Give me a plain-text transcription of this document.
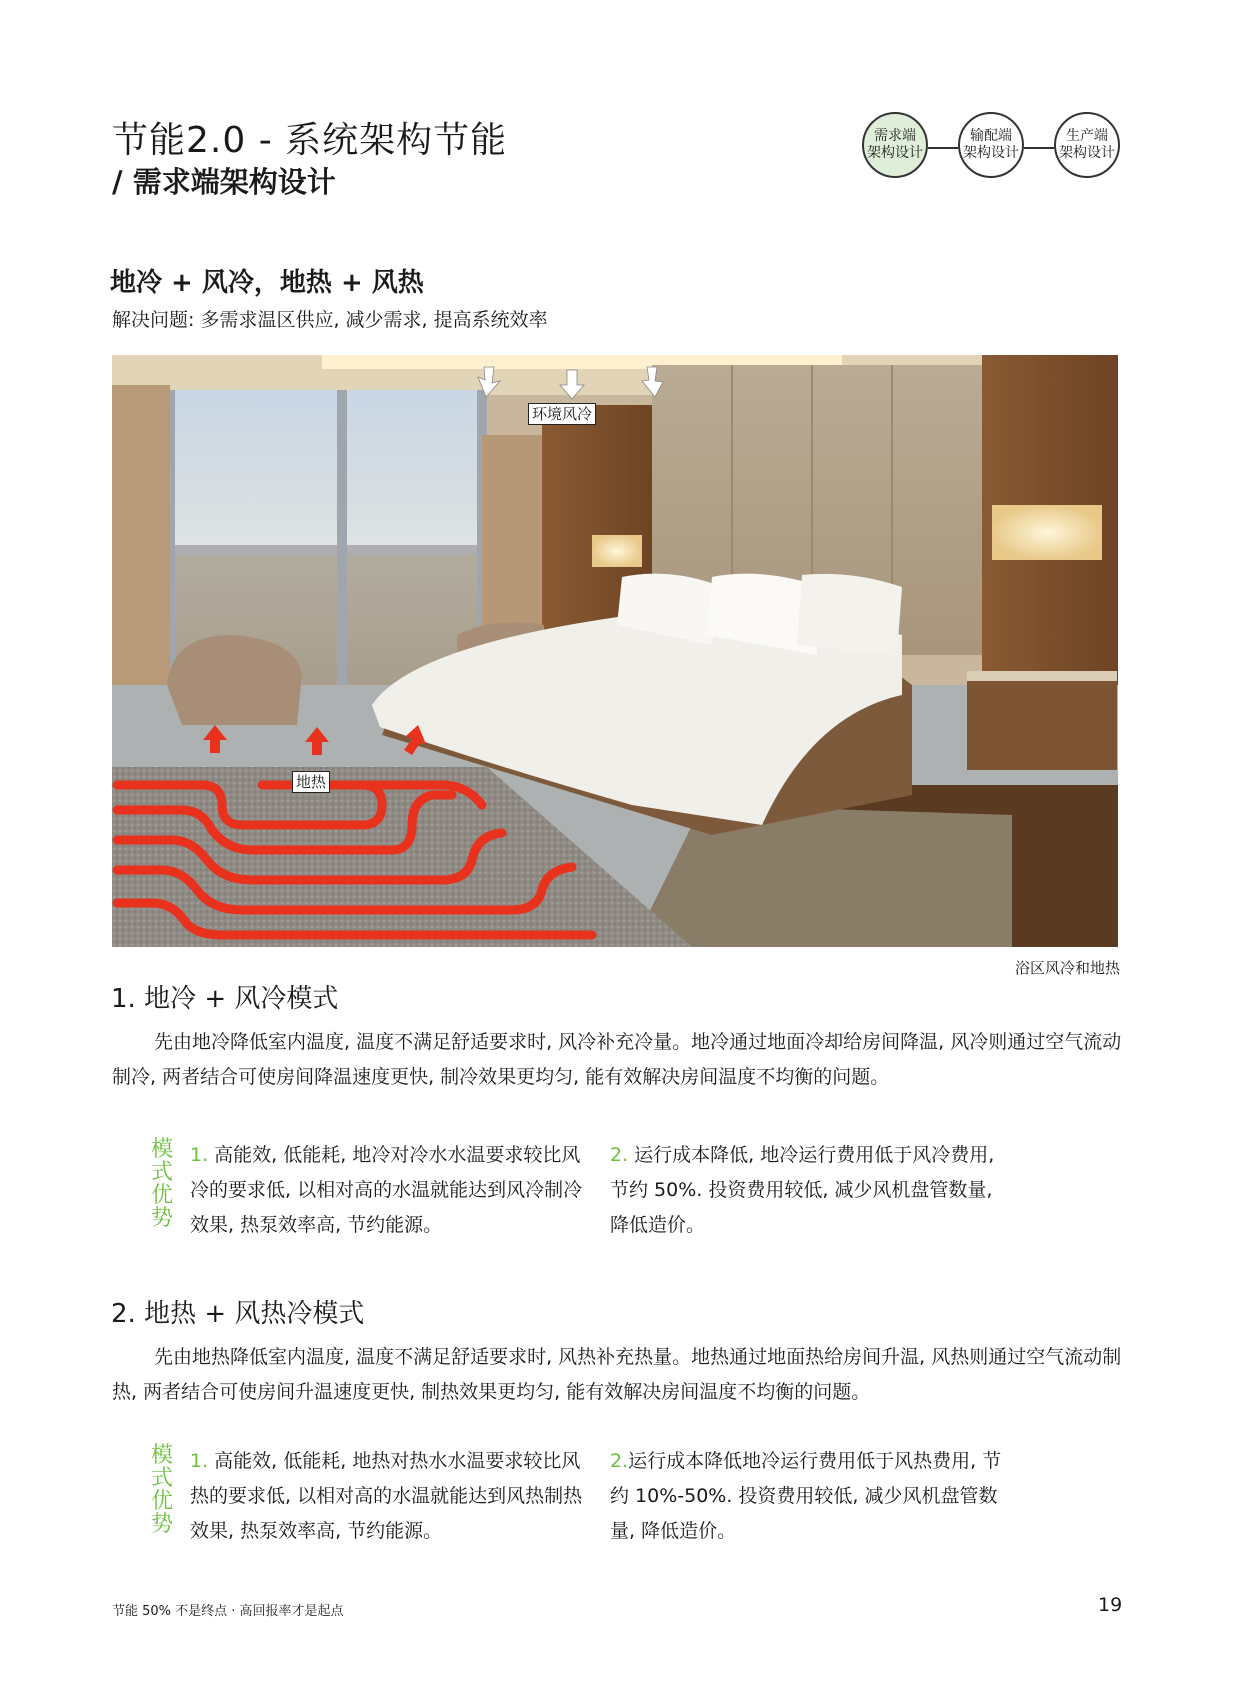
节能2.0 - 系统架构节能
/ 需求端架构设计
需求端
架构设计
输配端
架构设计
生产端
架构设计
地冷 + 风冷，地热 + 风热
解决问题: 多需求温区供应, 减少需求, 提高系统效率
环境风冷
地热
浴区风冷和地热
1. 地冷 + 风冷模式
先由地冷降低室内温度, 温度不满足舒适要求时, 风冷补充冷量。地冷通过地面冷却给房间降温, 风冷则通过空气流动制冷, 两者结合可使房间降温速度更快, 制冷效果更均匀, 能有效解决房间温度不均衡的问题。
模式优势
1. 高能效, 低能耗, 地冷对冷水水温要求较比风冷的要求低, 以相对高的水温就能达到风冷制冷效果, 热泵效率高, 节约能源。
2. 运行成本降低, 地冷运行费用低于风冷费用, 节约 50%. 投资费用较低, 减少风机盘管数量, 降低造价。
2. 地热 + 风热冷模式
先由地热降低室内温度, 温度不满足舒适要求时, 风热补充热量。地热通过地面热给房间升温, 风热则通过空气流动制热, 两者结合可使房间升温速度更快, 制热效果更均匀, 能有效解决房间温度不均衡的问题。
模式优势
1. 高能效, 低能耗, 地热对热水水温要求较比风热的要求低, 以相对高的水温就能达到风热制热效果, 热泵效率高, 节约能源。
2.运行成本降低地冷运行费用低于风热费用, 节约 10%-50%. 投资费用较低, 减少风机盘管数量, 降低造价。
节能 50% 不是终点 · 高回报率才是起点	19
